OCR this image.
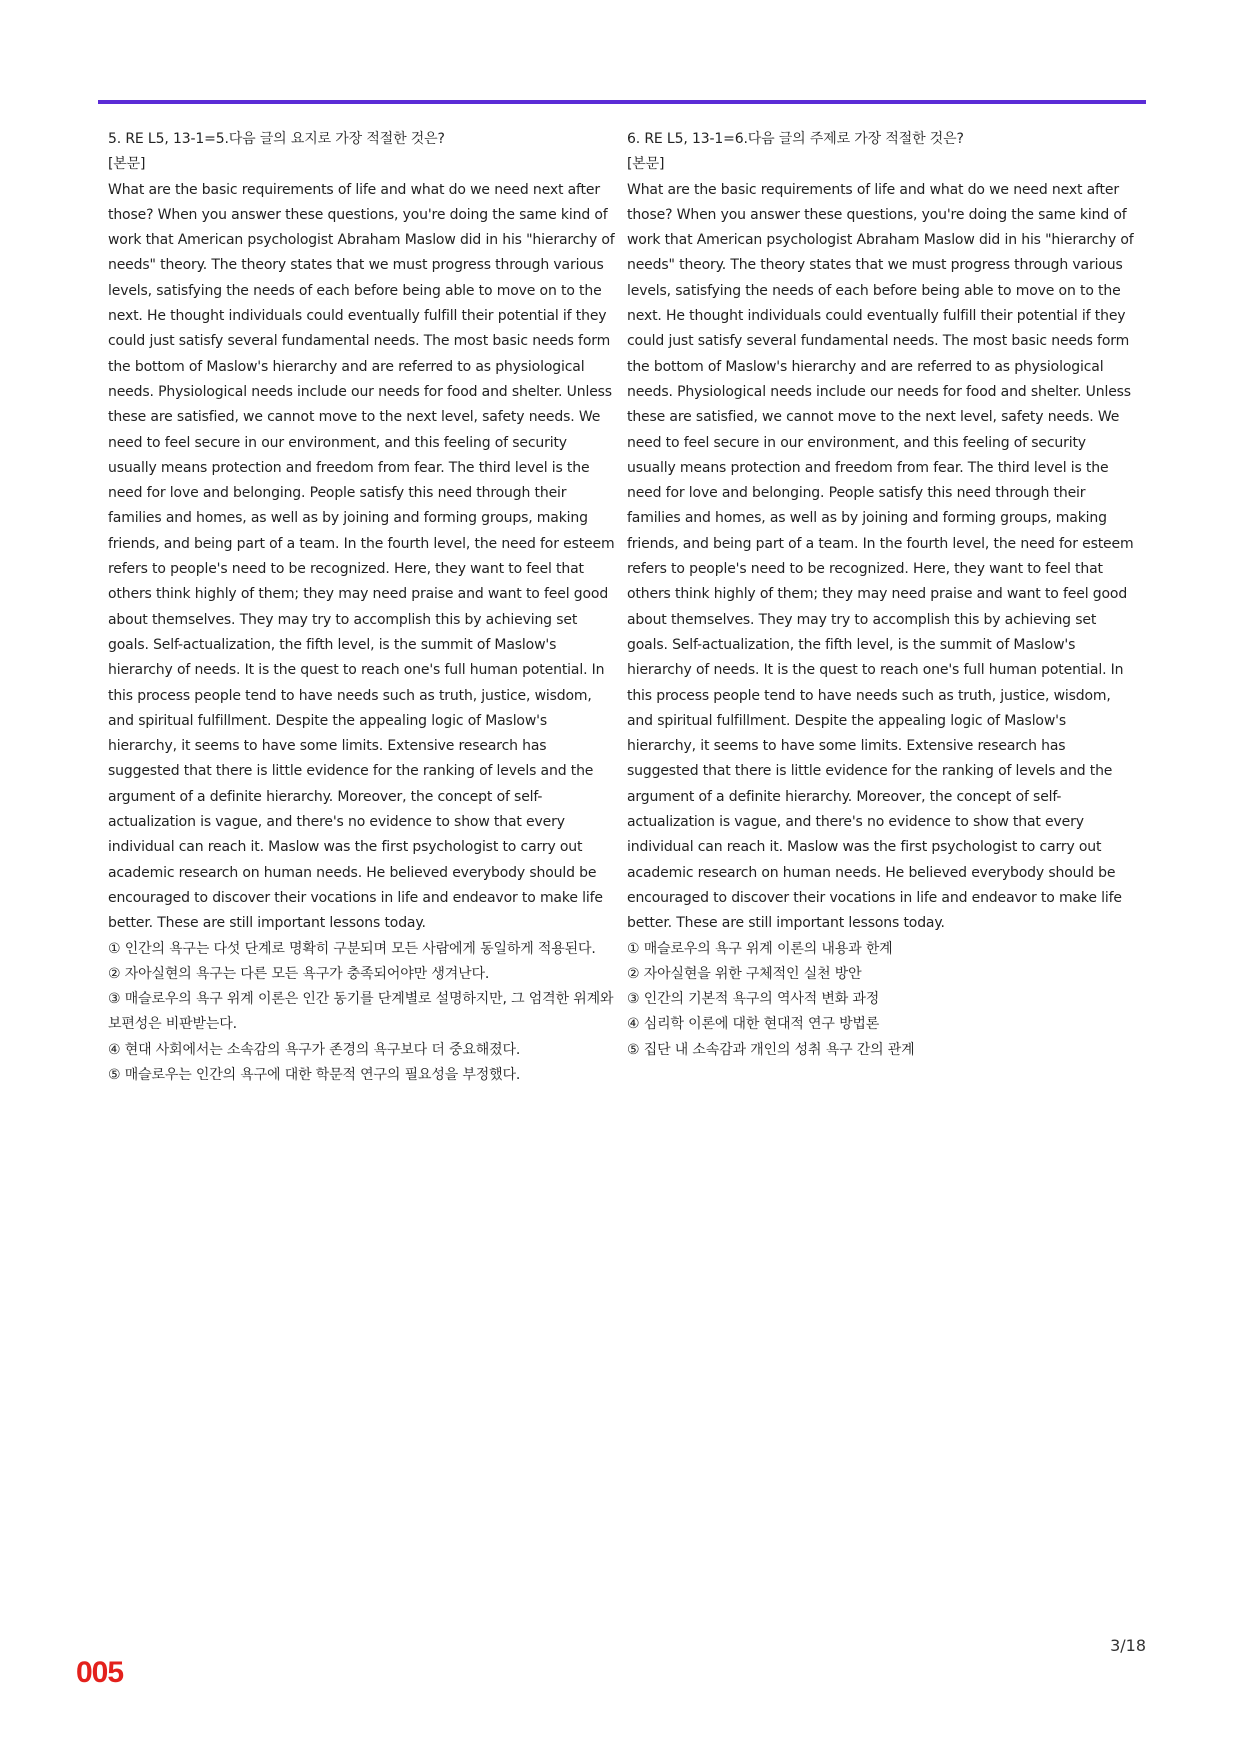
5. RE L5, 13-1=5.다음 글의 요지로 가장 적절한 것은?

[본문]

What are the basic requirements of life and what do we need next after those? When you answer these questions, you're doing the same kind of work that American psychologist Abraham Maslow did in his "hierarchy of needs" theory. The theory states that we must progress through various levels, satisfying the needs of each before being able to move on to the next. He thought individuals could eventually fulfill their potential if they could just satisfy several fundamental needs. The most basic needs form the bottom of Maslow's hierarchy and are referred to as physiological needs. Physiological needs include our needs for food and shelter. Unless these are satisfied, we cannot move to the next level, safety needs. We need to feel secure in our environment, and this feeling of security usually means protection and freedom from fear. The third level is the need for love and belonging. People satisfy this need through their families and homes, as well as by joining and forming groups, making friends, and being part of a team. In the fourth level, the need for esteem refers to people's need to be recognized. Here, they want to feel that others think highly of them; they may need praise and want to feel good about themselves. They may try to accomplish this by achieving set goals. Self-actualization, the fifth level, is the summit of Maslow's hierarchy of needs. It is the quest to reach one's full human potential. In this process people tend to have needs such as truth, justice, wisdom, and spiritual fulfillment. Despite the appealing logic of Maslow's hierarchy, it seems to have some limits. Extensive research has suggested that there is little evidence for the ranking of levels and the argument of a definite hierarchy. Moreover, the concept of self-actualization is vague, and there's no evidence to show that every individual can reach it. Maslow was the first psychologist to carry out academic research on human needs. He believed everybody should be encouraged to discover their vocations in life and endeavor to make life better. These are still important lessons today.

① 인간의 욕구는 다섯 단계로 명확히 구분되며 모든 사람에게 동일하게 적용된다.

② 자아실현의 욕구는 다른 모든 욕구가 충족되어야만 생겨난다.

③ 매슬로우의 욕구 위계 이론은 인간 동기를 단계별로 설명하지만, 그 엄격한 위계와 보편성은 비판받는다.

④ 현대 사회에서는 소속감의 욕구가 존경의 욕구보다 더 중요해졌다.

⑤ 매슬로우는 인간의 욕구에 대한 학문적 연구의 필요성을 부정했다.

6. RE L5, 13-1=6.다음 글의 주제로 가장 적절한 것은?

[본문]

What are the basic requirements of life and what do we need next after those? When you answer these questions, you're doing the same kind of work that American psychologist Abraham Maslow did in his "hierarchy of needs" theory. The theory states that we must progress through various levels, satisfying the needs of each before being able to move on to the next. He thought individuals could eventually fulfill their potential if they could just satisfy several fundamental needs. The most basic needs form the bottom of Maslow's hierarchy and are referred to as physiological needs. Physiological needs include our needs for food and shelter. Unless these are satisfied, we cannot move to the next level, safety needs. We need to feel secure in our environment, and this feeling of security usually means protection and freedom from fear. The third level is the need for love and belonging. People satisfy this need through their families and homes, as well as by joining and forming groups, making friends, and being part of a team. In the fourth level, the need for esteem refers to people's need to be recognized. Here, they want to feel that others think highly of them; they may need praise and want to feel good about themselves. They may try to accomplish this by achieving set goals. Self-actualization, the fifth level, is the summit of Maslow's hierarchy of needs. It is the quest to reach one's full human potential. In this process people tend to have needs such as truth, justice, wisdom, and spiritual fulfillment. Despite the appealing logic of Maslow's hierarchy, it seems to have some limits. Extensive research has suggested that there is little evidence for the ranking of levels and the argument of a definite hierarchy. Moreover, the concept of self-actualization is vague, and there's no evidence to show that every individual can reach it. Maslow was the first psychologist to carry out academic research on human needs. He believed everybody should be encouraged to discover their vocations in life and endeavor to make life better. These are still important lessons today.

① 매슬로우의 욕구 위계 이론의 내용과 한계

② 자아실현을 위한 구체적인 실천 방안

③ 인간의 기본적 욕구의 역사적 변화 과정

④ 심리학 이론에 대한 현대적 연구 방법론

⑤ 집단 내 소속감과 개인의 성취 욕구 간의 관계

3/18
005
